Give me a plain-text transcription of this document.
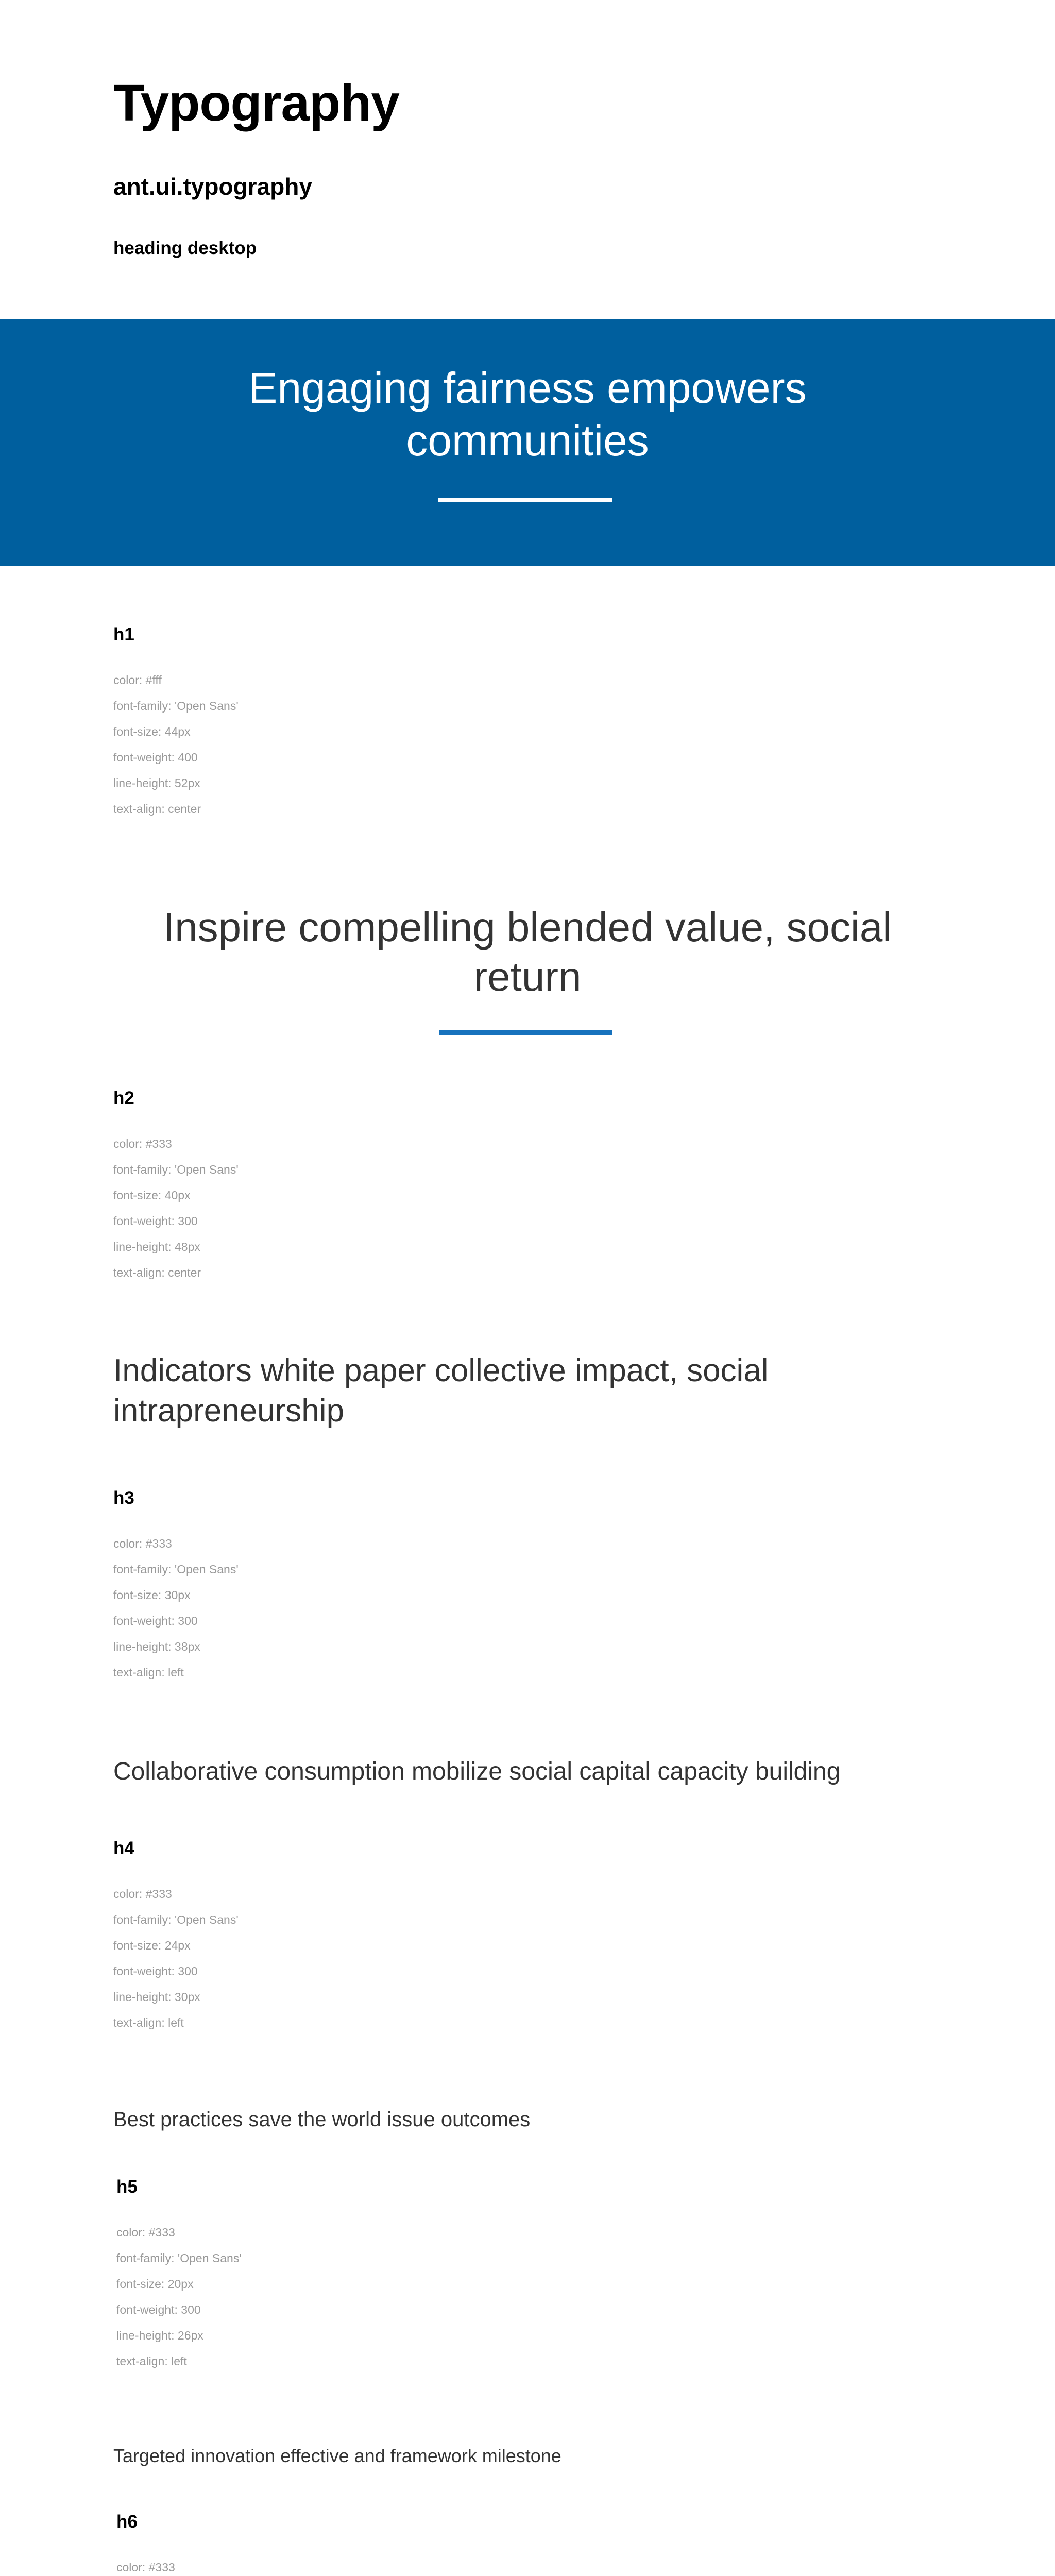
Typography
ant.ui.typography
heading desktop
Engaging fairness empowers communities
h1
color: #fff
font-family: 'Open Sans'
font-size: 44px
font-weight: 400
line-height: 52px
text-align: center
Inspire compelling blended value, social return
h2
color: #333
font-family: 'Open Sans'
font-size: 40px
font-weight: 300
line-height: 48px
text-align: center
Indicators white paper collective impact, social intrapreneurship
h3
color: #333
font-family: 'Open Sans'
font-size: 30px
font-weight: 300
line-height: 38px
text-align: left
Collaborative consumption mobilize social capital capacity building
h4
color: #333
font-family: 'Open Sans'
font-size: 24px
font-weight: 300
line-height: 30px
text-align: left
Best practices save the world issue outcomes
h5
color: #333
font-family: 'Open Sans'
font-size: 20px
font-weight: 300
line-height: 26px
text-align: left
Targeted innovation effective and framework milestone
h6
color: #333
